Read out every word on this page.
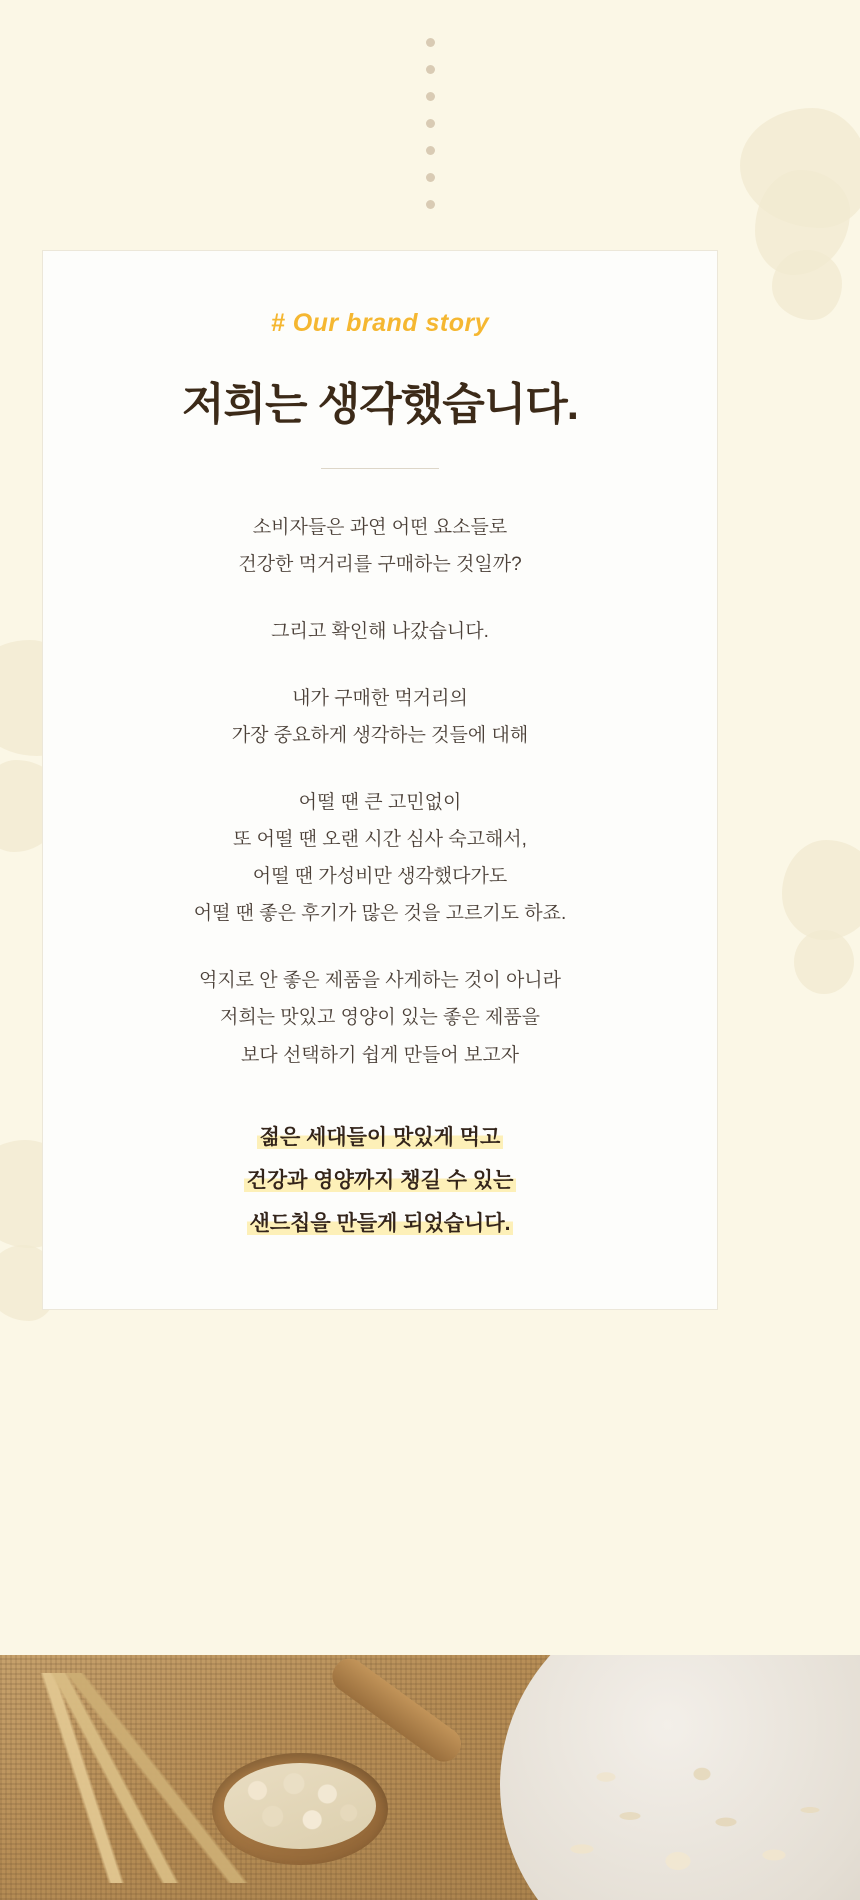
# Our brand story
저희는 생각했습니다.

소비자들은 과연 어떤 요소들로
건강한 먹거리를 구매하는 것일까?

그리고 확인해 나갔습니다.

내가 구매한 먹거리의
가장 중요하게 생각하는 것들에 대해

어떨 땐 큰 고민없이
또 어떨 땐 오랜 시간 심사 숙고해서,
어떨 땐 가성비만 생각했다가도
어떨 땐 좋은 후기가 많은 것을 고르기도 하죠.

억지로 안 좋은 제품을 사게하는 것이 아니라
저희는 맛있고 영양이 있는 좋은 제품을
보다 선택하기 쉽게 만들어 보고자

젊은 세대들이 맛있게 먹고
건강과 영양까지 챙길 수 있는
샌드칩을 만들게 되었습니다.
